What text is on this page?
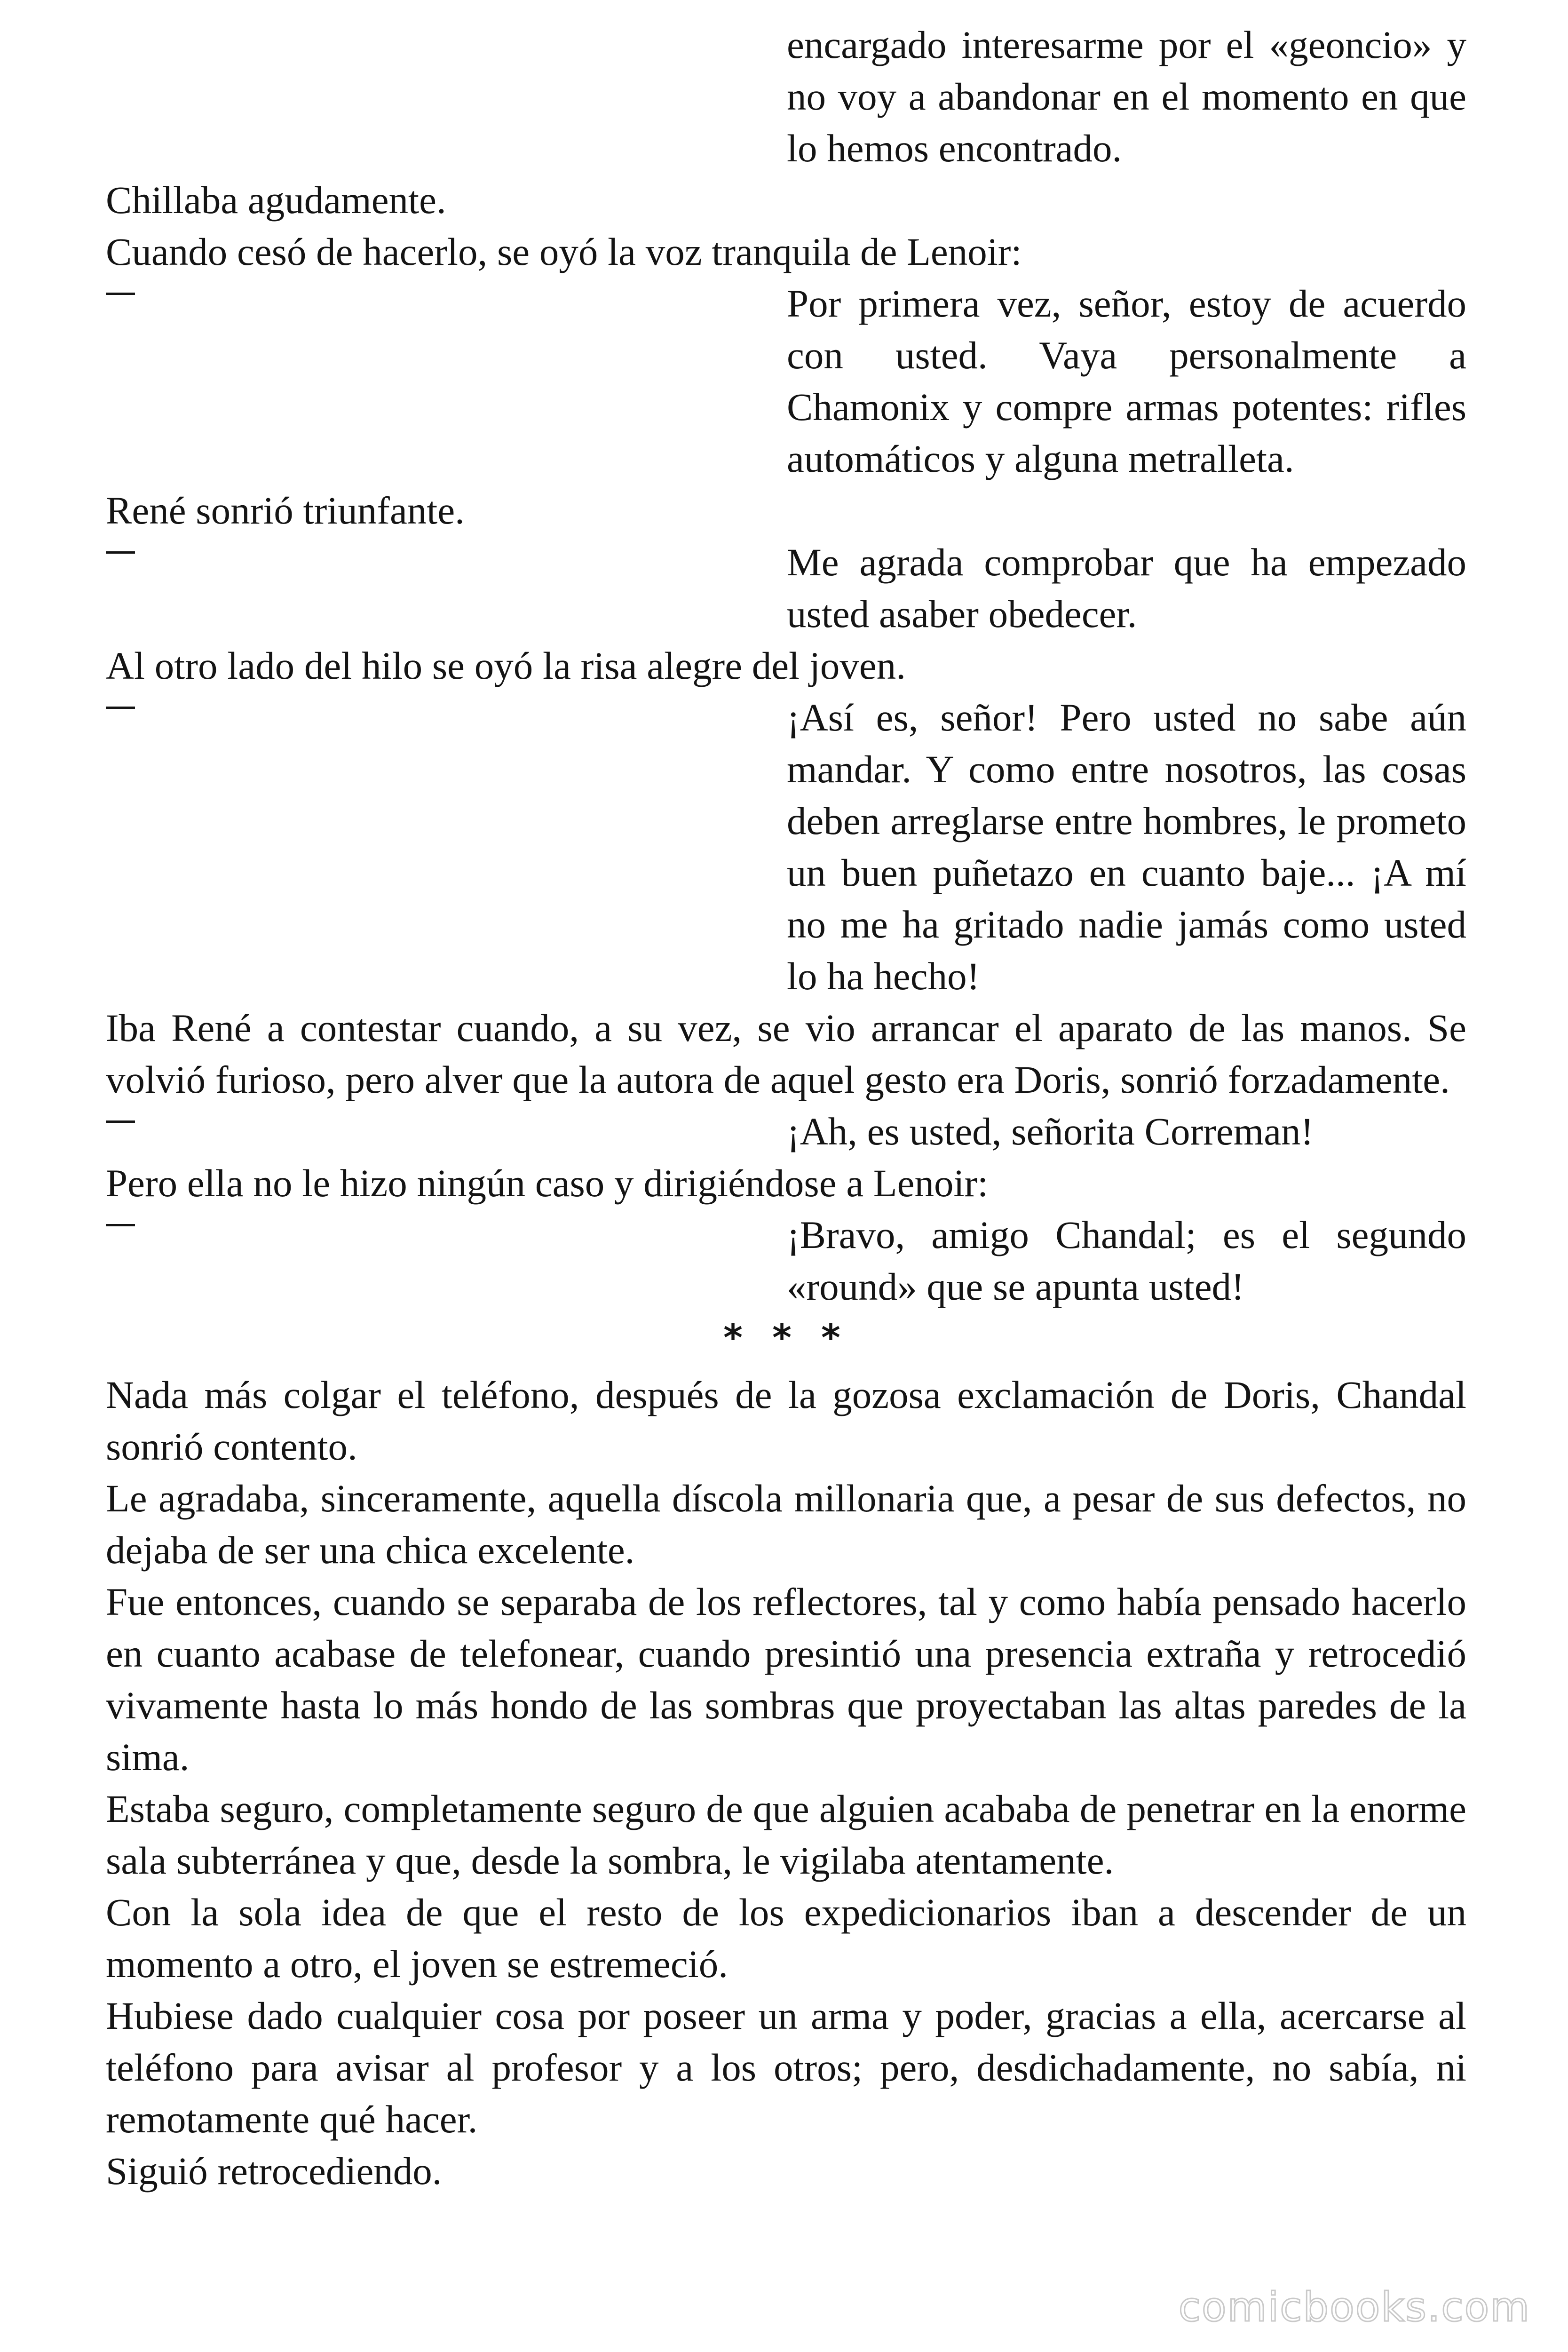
encargado interesarme por el «geoncio» y no voy a abandonar en el momento en que lo hemos encontrado.

Chillaba agudamente.

Cuando cesó de hacerlo, se oyó la voz tranquila de Lenoir:

Por primera vez, señor, estoy de acuerdo con usted. Vaya personalmente a Chamonix y compre armas potentes: rifles automáticos y alguna metralleta.

René sonrió triunfante.

Me agrada comprobar que ha empezado usted asaber obedecer.

Al otro lado del hilo se oyó la risa alegre del joven.

¡Así es, señor! Pero usted no sabe aún mandar. Y como entre nosotros, las cosas deben arreglarse entre hombres, le prometo un buen puñetazo en cuanto baje... ¡A mí no me ha gritado nadie jamás como usted lo ha hecho!

Iba René a contestar cuando, a su vez, se vio arrancar el aparato de las manos. Se volvió furioso, pero alver que la autora de aquel gesto era Doris, sonrió forzadamente.

¡Ah, es usted, señorita Correman!

Pero ella no le hizo ningún caso y dirigiéndose a Lenoir:

¡Bravo, amigo Chandal; es el segundo «round» que se apunta usted!

* * *

Nada más colgar el teléfono, después de la gozosa exclamación de Doris, Chandal sonrió contento.

Le agradaba, sinceramente, aquella díscola millonaria que, a pesar de sus defectos, no dejaba de ser una chica excelente.

Fue entonces, cuando se separaba de los reflectores, tal y como había pensado hacerlo en cuanto acabase de telefonear, cuando presintió una presencia extraña y retrocedió vivamente hasta lo más hondo de las sombras que proyectaban las altas paredes de la sima.

Estaba seguro, completamente seguro de que alguien acababa de penetrar en la enorme sala subterránea y que, desde la sombra, le vigilaba atentamente.

Con la sola idea de que el resto de los expedicionarios iban a descender de un momento a otro, el joven se estremeció.

Hubiese dado cualquier cosa por poseer un arma y poder, gracias a ella, acercarse al teléfono para avisar al profesor y a los otros; pero, desdichadamente, no sabía, ni remotamente qué hacer.

Siguió retrocediendo.

comicbooks.com
